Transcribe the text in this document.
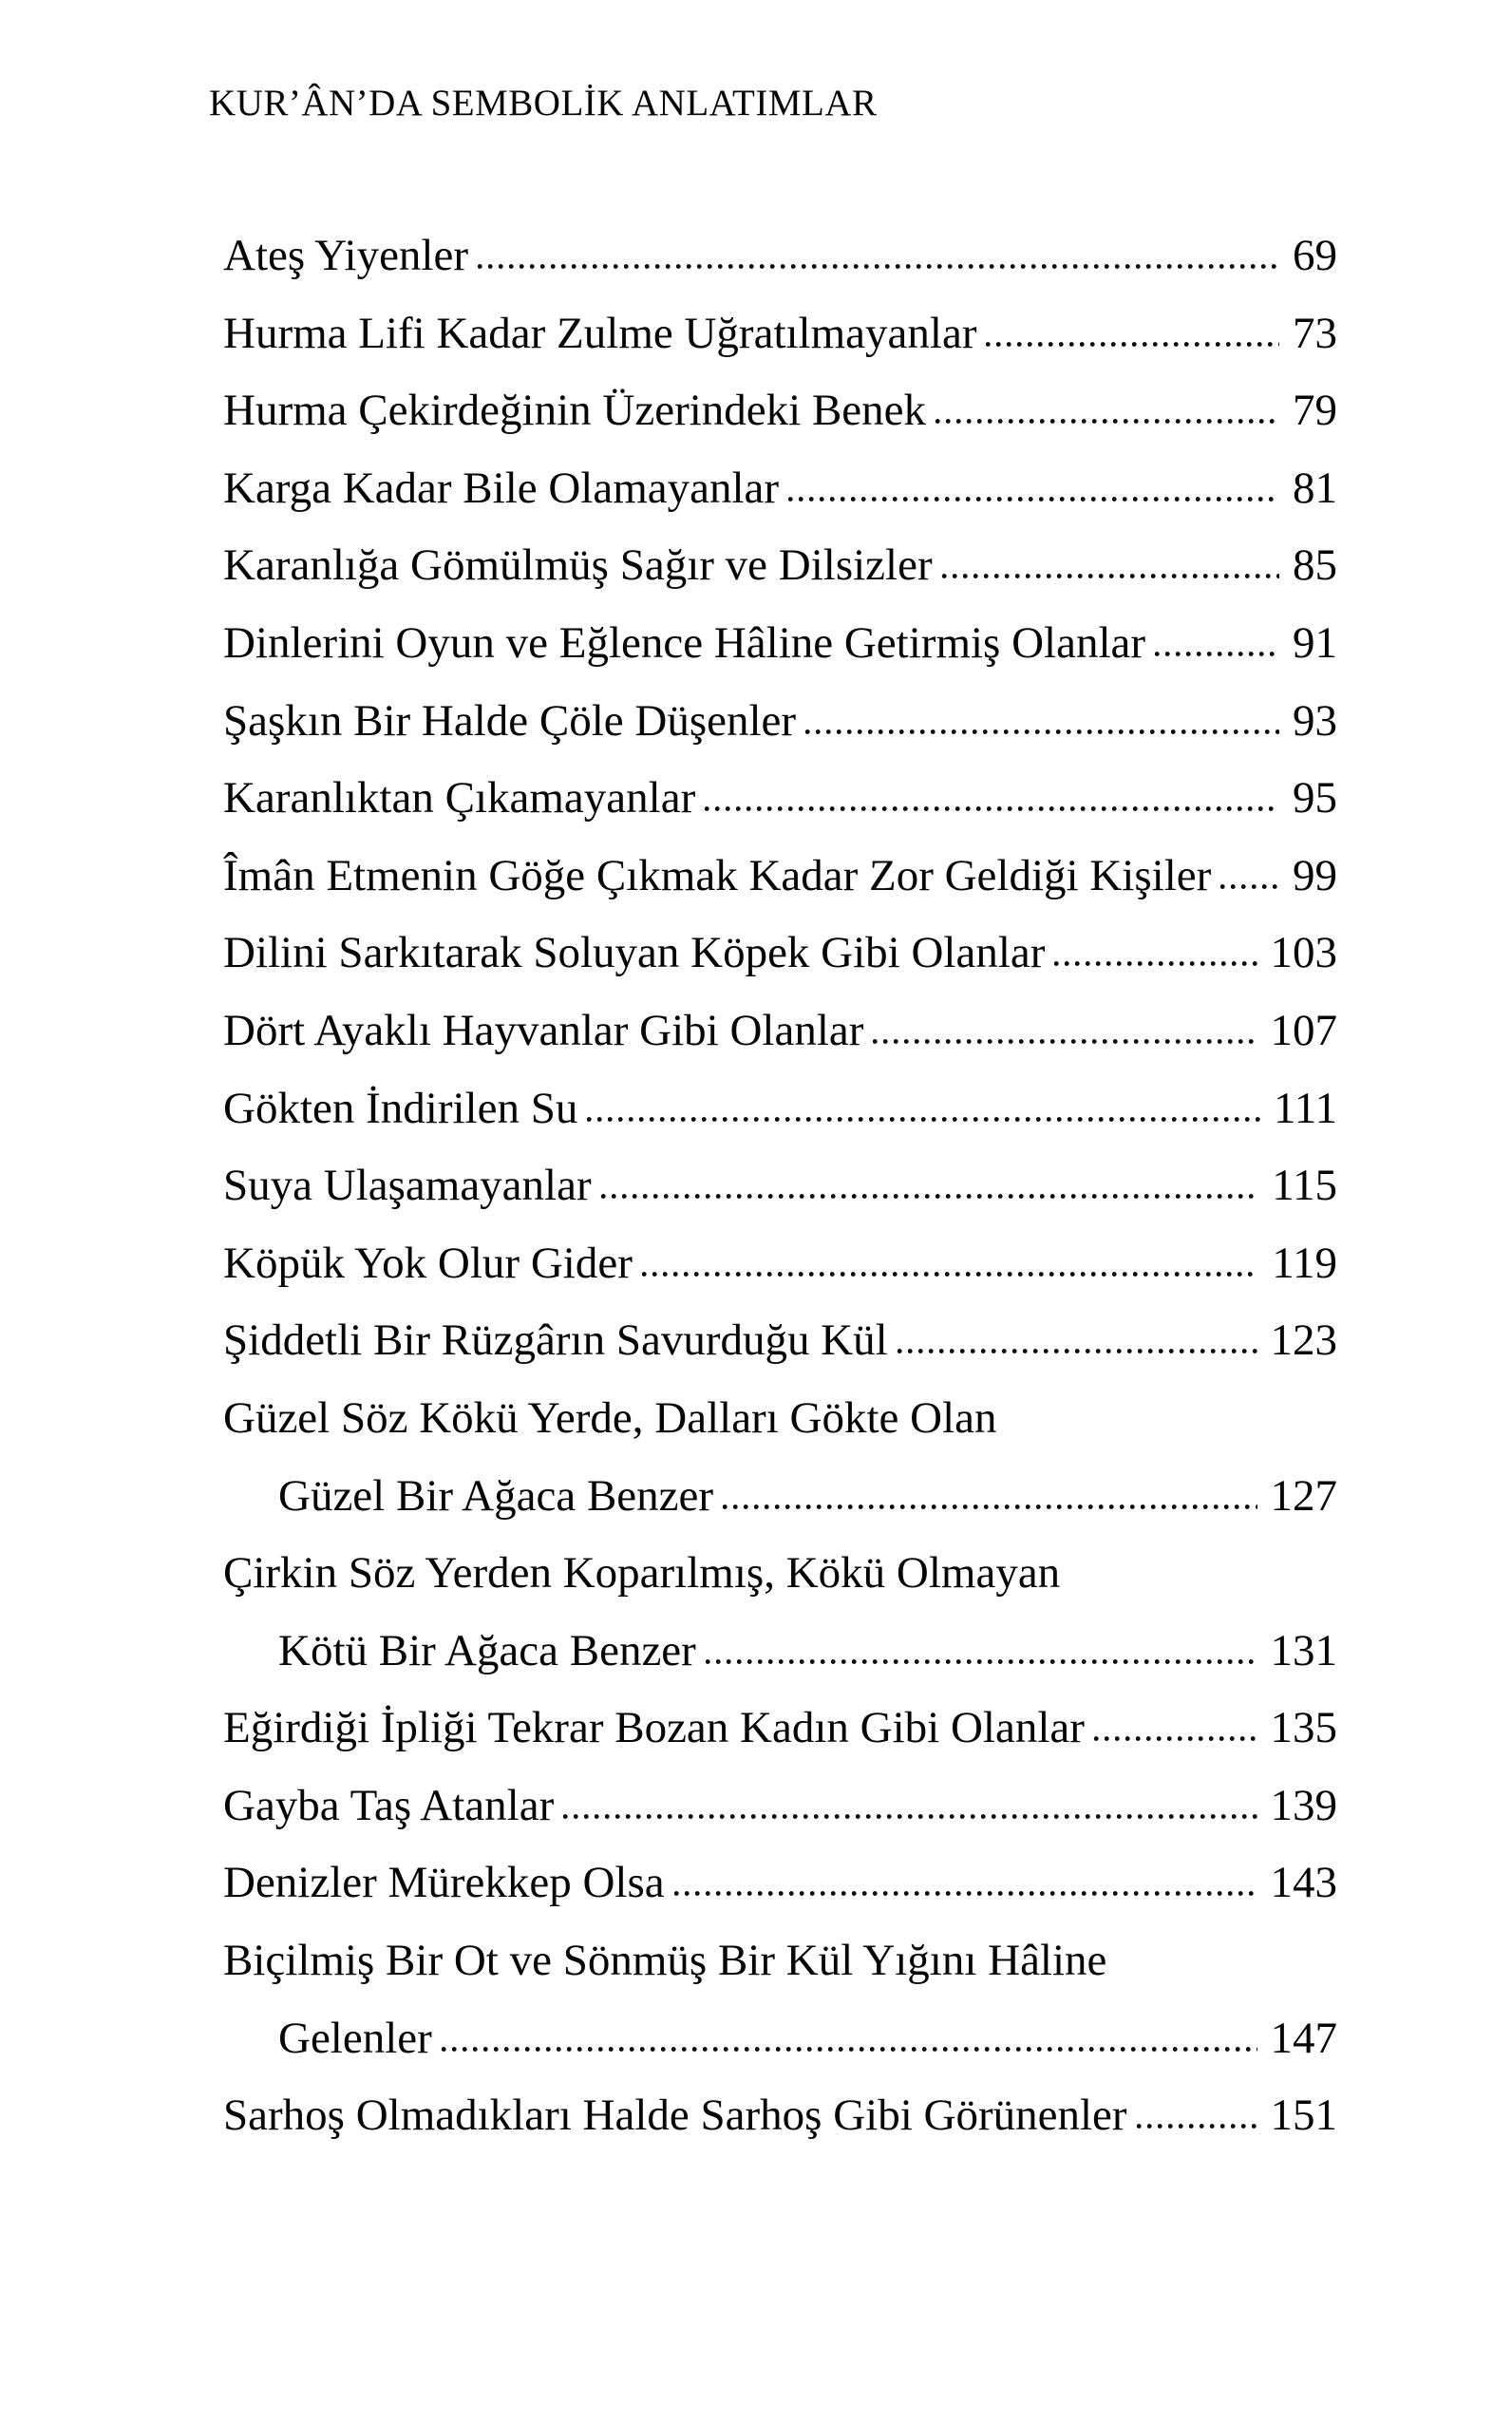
KUR’ÂN’DA SEMBOLİK ANLATIMLAR
Ateş Yiyenler	69
Hurma Lifi Kadar Zulme Uğratılmayanlar	73
Hurma Çekirdeğinin Üzerindeki Benek	79
Karga Kadar Bile Olamayanlar	81
Karanlığa Gömülmüş Sağır ve Dilsizler	85
Dinlerini Oyun ve Eğlence Hâline Getirmiş Olanlar	91
Şaşkın Bir Halde Çöle Düşenler	93
Karanlıktan Çıkamayanlar	95
Îmân Etmenin Göğe Çıkmak Kadar Zor Geldiği Kişiler 99
Dilini Sarkıtarak Soluyan Köpek Gibi Olanlar	103
Dört Ayaklı Hayvanlar Gibi Olanlar	107
Gökten İndirilen Su	111
Suya Ulaşamayanlar	115
Köpük Yok Olur Gider	119
Şiddetli Bir Rüzgârın Savurduğu Kül	123
Güzel Söz Kökü Yerde, Dalları Gökte Olan
Güzel Bir Ağaca Benzer	127
Çirkin Söz Yerden Koparılmış, Kökü Olmayan
Kötü Bir Ağaca Benzer	131
Eğirdiği İpliği Tekrar Bozan Kadın Gibi Olanlar	135
Gayba Taş Atanlar	139
Denizler Mürekkep Olsa	143
Biçilmiş Bir Ot ve Sönmüş Bir Kül Yığını Hâline
Gelenler	147
Sarhoş Olmadıkları Halde Sarhoş Gibi Görünenler	151
